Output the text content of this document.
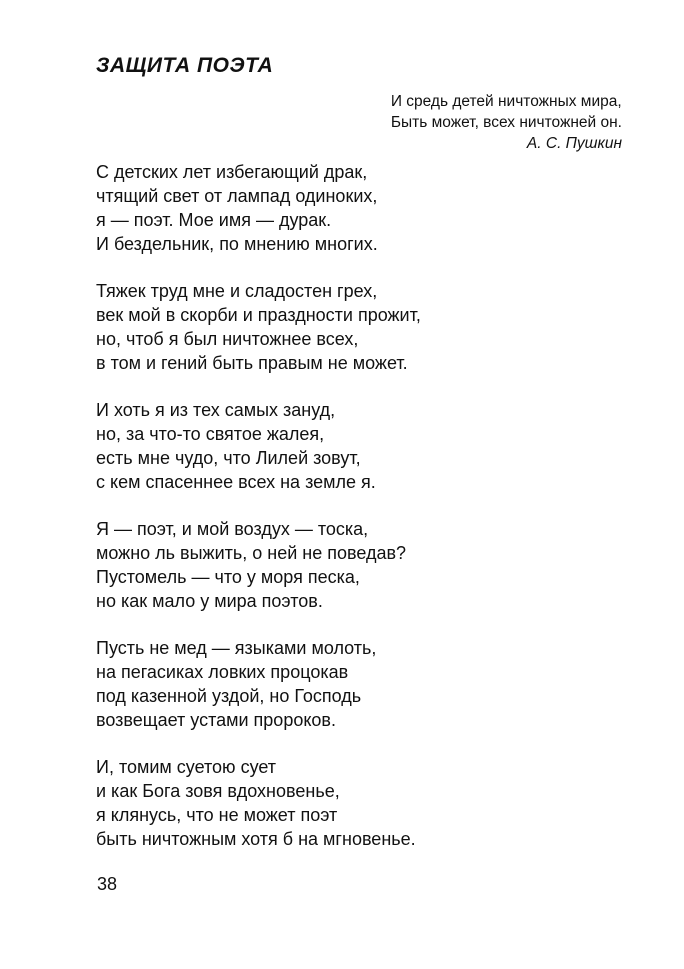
ЗАЩИТА ПОЭТА
И средь детей ничтожных мира,
Быть может, всех ничтожней он.
А. С. Пушкин
С детских лет избегающий драк,
чтящий свет от лампад одиноких,
я — поэт. Мое имя — дурак.
И бездельник, по мнению многих.
Тяжек труд мне и сладостен грех,
век мой в скорби и праздности прожит,
но, чтоб я был ничтожнее всех,
в том и гений быть правым не может.
И хоть я из тех самых зануд,
но, за что-то святое жалея,
есть мне чудо, что Лилей зовут,
с кем спасеннее всех на земле я.
Я — поэт, и мой воздух — тоска,
можно ль выжить, о ней не поведав?
Пустомель — что у моря песка,
но как мало у мира поэтов.
Пусть не мед — языками молоть,
на пегасиках ловких процокав
под казенной уздой, но Господь
возвещает устами пророков.
И, томим суетою сует
и как Бога зовя вдохновенье,
я клянусь, что не может поэт
быть ничтожным хотя б на мгновенье.
38
